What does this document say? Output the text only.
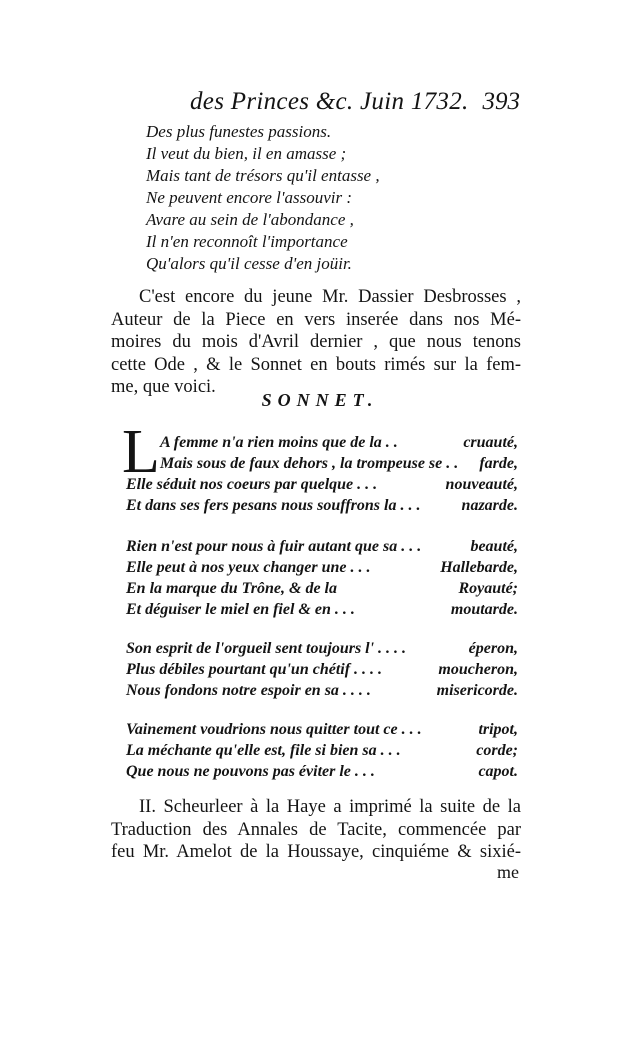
des Princes &c. Juin 1732. 393
Des plus funestes passions.
Il veut du bien, il en amasse ;
Mais tant de trésors qu'il entasse ,
Ne peuvent encore l'assouvir :
Avare au sein de l'abondance ,
Il n'en reconnoît l'importance
Qu'alors qu'il cesse d'en joüir.
C'est encore du jeune Mr. Dassier Desbrosses ,
Auteur de la Piece en vers inserée dans nos Mé-
moires du mois d'Avril dernier , que nous tenons
cette Ode , & le Sonnet en bouts rimés sur la fem-
me, que voici.
SONNET.
L A femme n'a rien moins que de la . .	cruauté,
Mais sous de faux dehors , la trompeuse se . . farde,
Elle séduit nos coeurs par quelque . . .	nouveauté,
Et dans ses fers pesans nous souffrons la . . .	nazarde.
Rien n'est pour nous à fuir autant que sa . . .	beauté,
Elle peut à nos yeux changer une . . .	Hallebarde,
En la marque du Trône, & de la	Royauté;
Et déguiser le miel en fiel & en . . .	moutarde.
Son esprit de l'orgueil sent toujours l' . . . .	éperon,
Plus débiles pourtant qu'un chétif . . . .	moucheron,
Nous fondons notre espoir en sa . . . .	misericorde.
Vainement voudrions nous quitter tout ce . . .	tripot,
La méchante qu'elle est, file si bien sa . . .	corde;
Que nous ne pouvons pas éviter le . . .	capot.
II. Scheurleer à la Haye a imprimé la suite de la
Traduction des Annales de Tacite, commencée par
feu Mr. Amelot de la Houssaye, cinquiéme & sixié-
me
